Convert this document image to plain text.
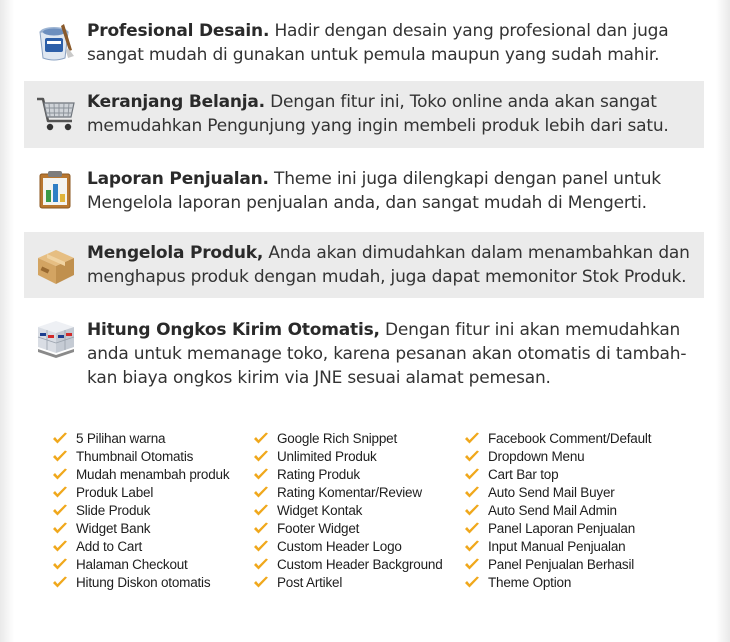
Profesional Desain. Hadir dengan desain yang profesional dan juga
sangat mudah di gunakan untuk pemula maupun yang sudah mahir.
Keranjang Belanja. Dengan fitur ini, Toko online anda akan sangat
memudahkan Pengunjung yang ingin membeli produk lebih dari satu.
Laporan Penjualan. Theme ini juga dilengkapi dengan panel untuk
Mengelola laporan penjualan anda, dan sangat mudah di Mengerti.
Mengelola Produk, Anda akan dimudahkan dalam menambahkan dan
menghapus produk dengan mudah, juga dapat memonitor Stok Produk.
Hitung Ongkos Kirim Otomatis, Dengan fitur ini akan memudahkan
anda untuk memanage toko, karena pesanan akan otomatis di tambah-
kan biaya ongkos kirim via JNE sesuai alamat pemesan.
5 Pilihan warna
Thumbnail Otomatis
Mudah menambah produk
Produk Label
Slide Produk
Widget Bank
Add to Cart
Halaman Checkout
Hitung Diskon otomatis
Google Rich Snippet
Unlimited Produk
Rating Produk
Rating Komentar/Review
Widget Kontak
Footer Widget
Custom Header Logo
Custom Header Background
Post Artikel
Facebook Comment/Default
Dropdown Menu
Cart Bar top
Auto Send Mail Buyer
Auto Send Mail Admin
Panel Laporan Penjualan
Input Manual Penjualan
Panel Penjualan Berhasil
Theme Option
